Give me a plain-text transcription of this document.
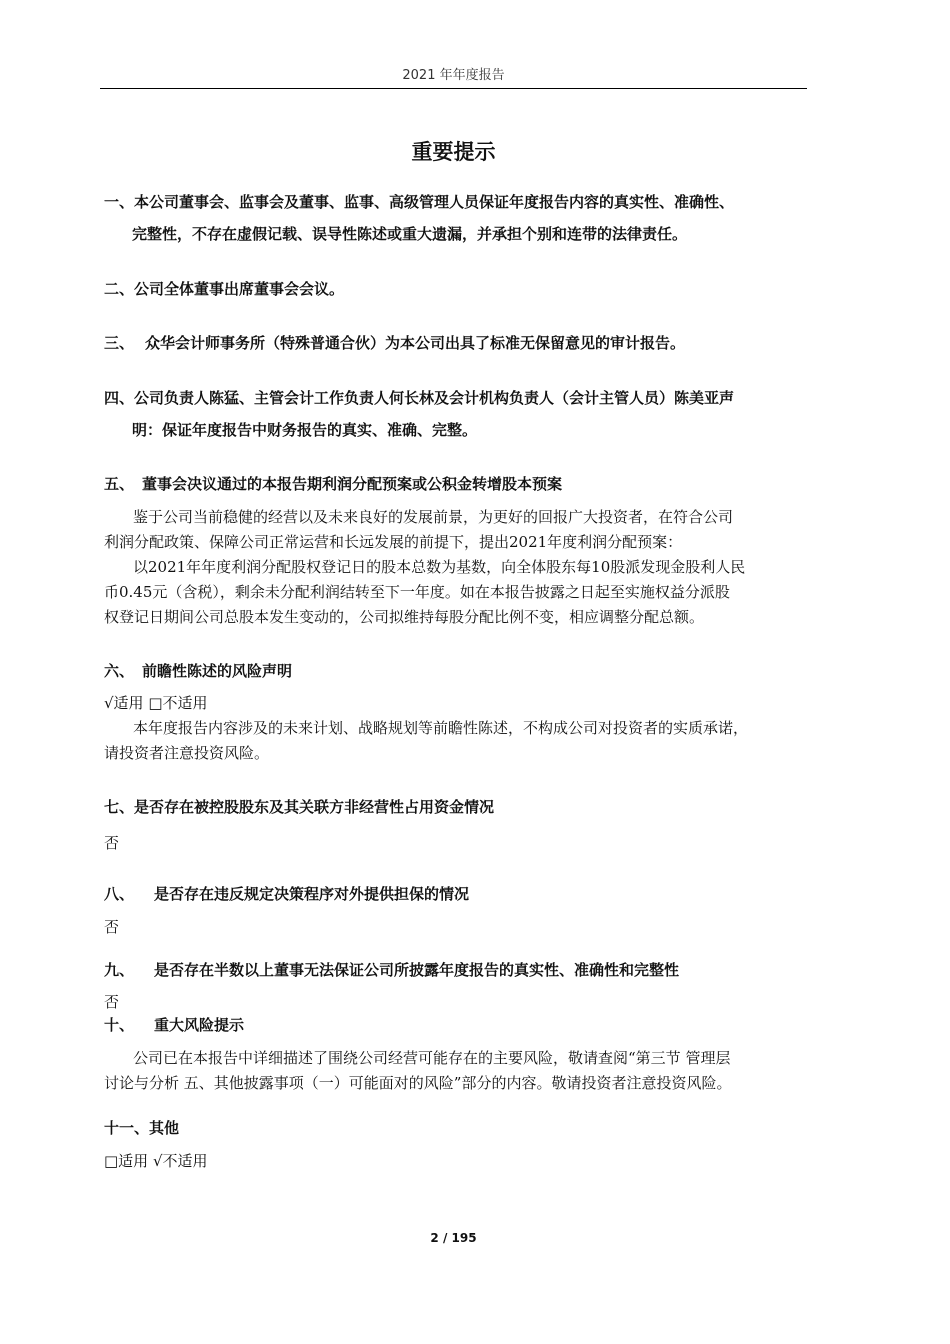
2021 年年度报告
重要提示
一、本公司董事会、监事会及董事、监事、高级管理人员保证年度报告内容的真实性、准确性、
完整性，不存在虚假记载、误导性陈述或重大遗漏，并承担个别和连带的法律责任。
二、公司全体董事出席董事会会议。
三、 众华会计师事务所（特殊普通合伙）为本公司出具了标准无保留意见的审计报告。
四、公司负责人陈猛、主管会计工作负责人何长林及会计机构负责人（会计主管人员）陈美亚声
明：保证年度报告中财务报告的真实、准确、完整。
五、 董事会决议通过的本报告期利润分配预案或公积金转增股本预案
鉴于公司当前稳健的经营以及未来良好的发展前景，为更好的回报广大投资者，在符合公司
利润分配政策、保障公司正常运营和长远发展的前提下，提出2021年度利润分配预案：
以2021年年度利润分配股权登记日的股本总数为基数，向全体股东每10股派发现金股利人民
币0.45元（含税），剩余未分配利润结转至下一年度。如在本报告披露之日起至实施权益分派股
权登记日期间公司总股本发生变动的，公司拟维持每股分配比例不变，相应调整分配总额。
六、 前瞻性陈述的风险声明
√适用 □不适用
本年度报告内容涉及的未来计划、战略规划等前瞻性陈述，不构成公司对投资者的实质承诺，
请投资者注意投资风险。
七、是否存在被控股股东及其关联方非经营性占用资金情况
否
八、 是否存在违反规定决策程序对外提供担保的情况
否
九、 是否存在半数以上董事无法保证公司所披露年度报告的真实性、准确性和完整性
否
十、 重大风险提示
公司已在本报告中详细描述了围绕公司经营可能存在的主要风险，敬请查阅“第三节 管理层
讨论与分析 五、其他披露事项（一）可能面对的风险”部分的内容。敬请投资者注意投资风险。
十一、其他
□适用 √不适用
2 / 195
